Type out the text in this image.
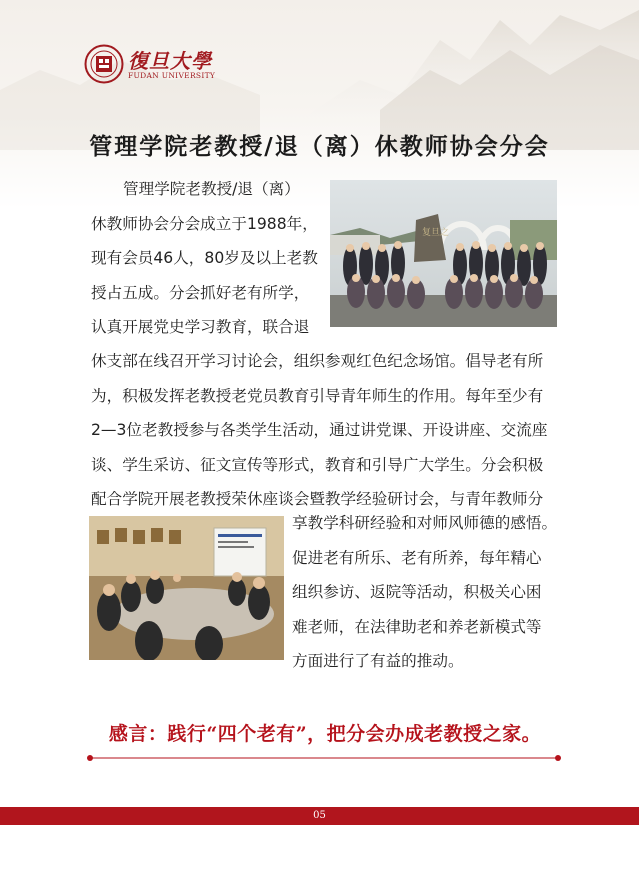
復旦大學
FUDAN UNIVERSITY
管理学院老教授/退（离）休教师协会分会
管理学院老教授/退（离）
休教师协会分会成立于1988年，
现有会员46人，80岁及以上老教
授占五成。分会抓好老有所学，
认真开展党史学习教育，联合退
休支部在线召开学习讨论会，组织参观红色纪念场馆。倡导老有所
为，积极发挥老教授老党员教育引导青年师生的作用。每年至少有
2—3位老教授参与各类学生活动，通过讲党课、开设讲座、交流座
谈、学生采访、征文宣传等形式，教育和引导广大学生。分会积极
配合学院开展老教授荣休座谈会暨教学经验研讨会，与青年教师分
享教学科研经验和对师风师德的感悟。
促进老有所乐、老有所养，每年精心
组织参访、返院等活动，积极关心困
难老师，在法律助老和养老新模式等
方面进行了有益的推动。
复旦之
感言：践行“四个老有”，把分会办成老教授之家。
05
